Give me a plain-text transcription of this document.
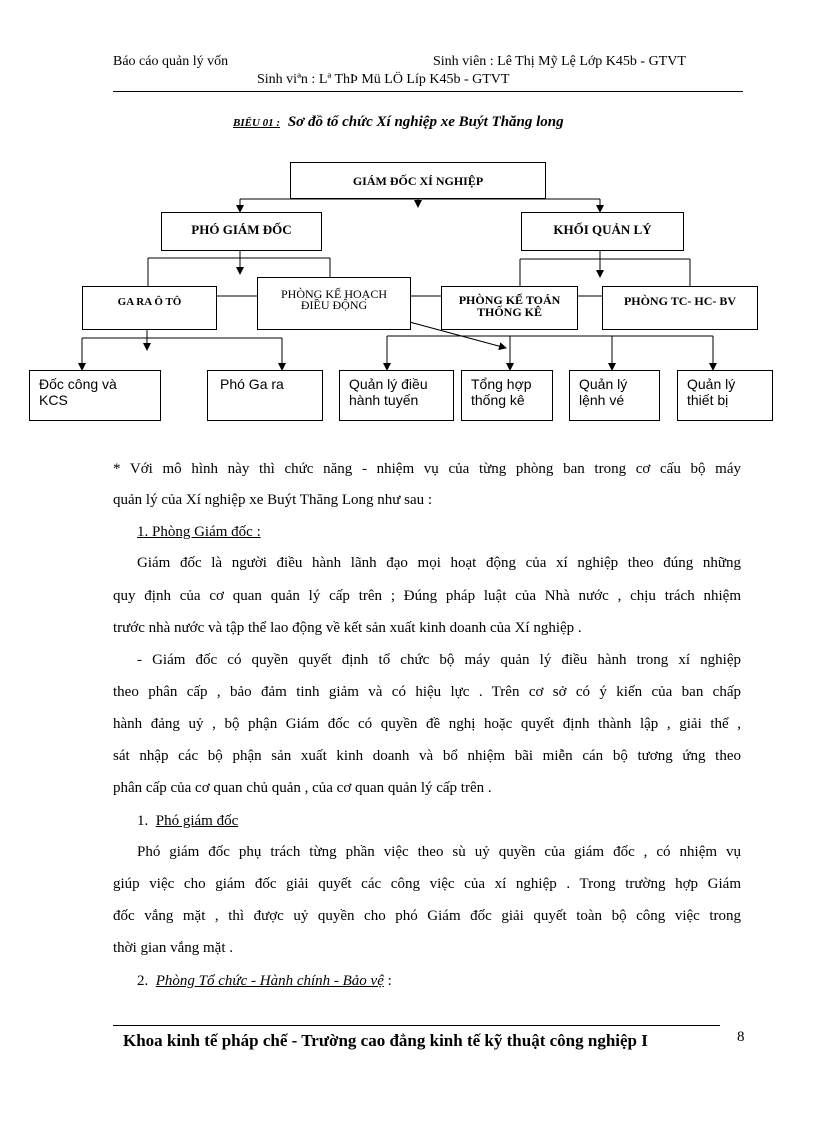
Báo cáo quản lý vốn	Sinh viên : Lê Thị Mỹ Lệ Lớp K45b - GTVT
Sinh viªn : Lª ThÞ Mü LÖ Líp K45b - GTVT
BIỂU 01 : Sơ đồ tổ chức Xí nghiệp xe Buýt Thăng long
GIÁM ĐỐC XÍ NGHIỆP
PHÓ GIÁM ĐỐC	KHỐI QUẢN LÝ
GA RA Ô TÔ
PHÒNG KẾ HOẠCH
ĐIỀU ĐỘNG	PHÒNG KẾ TOÁN
THỐNG KÊ
PHÒNG TC- HC- BV
Đốc công và
KCS
Phó Ga ra	Quản lý điều
hành tuyến
Tổng hợp
thống kê
Quản lý
lệnh vé
Quản lý
thiết bị
* Với mô hình này thì chức năng - nhiệm vụ của từng phòng ban trong cơ cấu bộ máy
quản lý của Xí nghiệp xe Buýt Thăng Long như sau :
1. Phòng Giám đốc :
Giám đốc là người điều hành lãnh đạo mọi hoạt động của xí nghiệp theo đúng những
quy định của cơ quan quản lý cấp trên ; Đúng pháp luật của Nhà nước , chịu trách nhiệm
trước nhà nước và tập thể lao động về kết sản xuất kinh doanh của Xí nghiệp .
- Giám đốc có quyền quyết định tổ chức bộ máy quản lý điều hành trong xí nghiệp
theo phân cấp , bảo đảm tinh giảm và có hiệu lực . Trên cơ sở có ý kiến của ban chấp
hành đảng uỷ , bộ phận Giám đốc có quyền đề nghị hoặc quyết định thành lập , giải thể ,
sát nhập các bộ phận sản xuất kinh doanh và bổ nhiệm bãi miễn cán bộ tương ứng theo
phân cấp của cơ quan chủ quản , của cơ quan quản lý cấp trên .
1. Phó giám đốc
Phó giám đốc phụ trách từng phần việc theo sù uỷ quyền của giám đốc , có nhiệm vụ
giúp việc cho giám đốc giải quyết các công việc của xí nghiệp . Trong trường hợp Giám
đốc vắng mặt , thì được uỷ quyền cho phó Giám đốc giải quyết toàn bộ công việc trong
thời gian vắng mặt .
2. Phòng Tổ chức - Hành chính - Bảo vệ :
Khoa kinh tế pháp chế - Trường cao đẳng kinh tế kỹ thuật công nghiệp I	8
